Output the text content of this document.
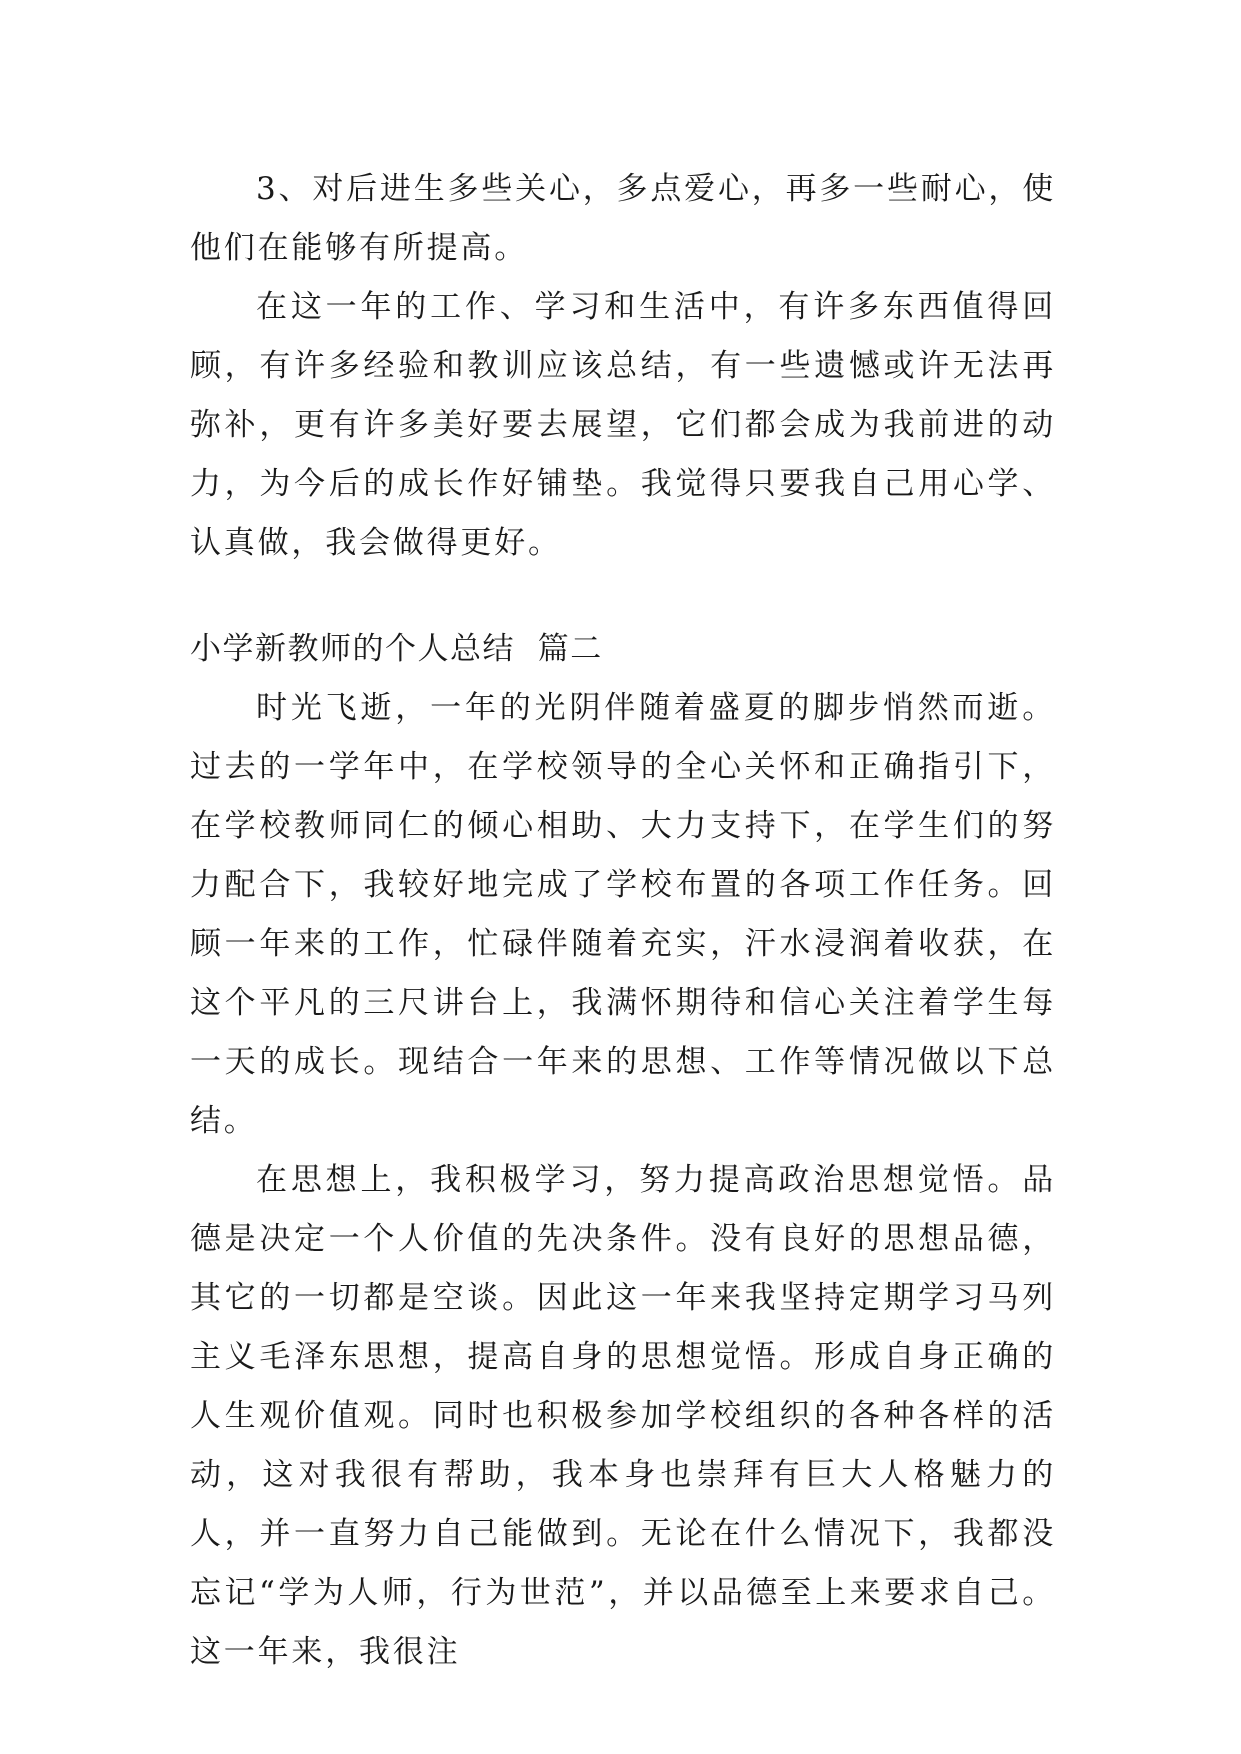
3、对后进生多些关心，多点爱心，再多一些耐心，使他们在能够有所提高。

在这一年的工作、学习和生活中，有许多东西值得回顾，有许多经验和教训应该总结，有一些遗憾或许无法再弥补，更有许多美好要去展望，它们都会成为我前进的动力，为今后的成长作好铺垫。我觉得只要我自己用心学、认真做，我会做得更好。

小学新教师的个人总结  篇二

时光飞逝，一年的光阴伴随着盛夏的脚步悄然而逝。过去的一学年中，在学校领导的全心关怀和正确指引下，在学校教师同仁的倾心相助、大力支持下，在学生们的努力配合下，我较好地完成了学校布置的各项工作任务。回顾一年来的工作，忙碌伴随着充实，汗水浸润着收获，在这个平凡的三尺讲台上，我满怀期待和信心关注着学生每一天的成长。现结合一年来的思想、工作等情况做以下总结。

在思想上，我积极学习，努力提高政治思想觉悟。品德是决定一个人价值的先决条件。没有良好的思想品德，其它的一切都是空谈。因此这一年来我坚持定期学习马列主义毛泽东思想，提高自身的思想觉悟。形成自身正确的人生观价值观。同时也积极参加学校组织的各种各样的活动，这对我很有帮助，我本身也崇拜有巨大人格魅力的人，并一直努力自己能做到。无论在什么情况下，我都没忘记“学为人师，行为世范”，并以品德至上来要求自己。这一年来，我很注
